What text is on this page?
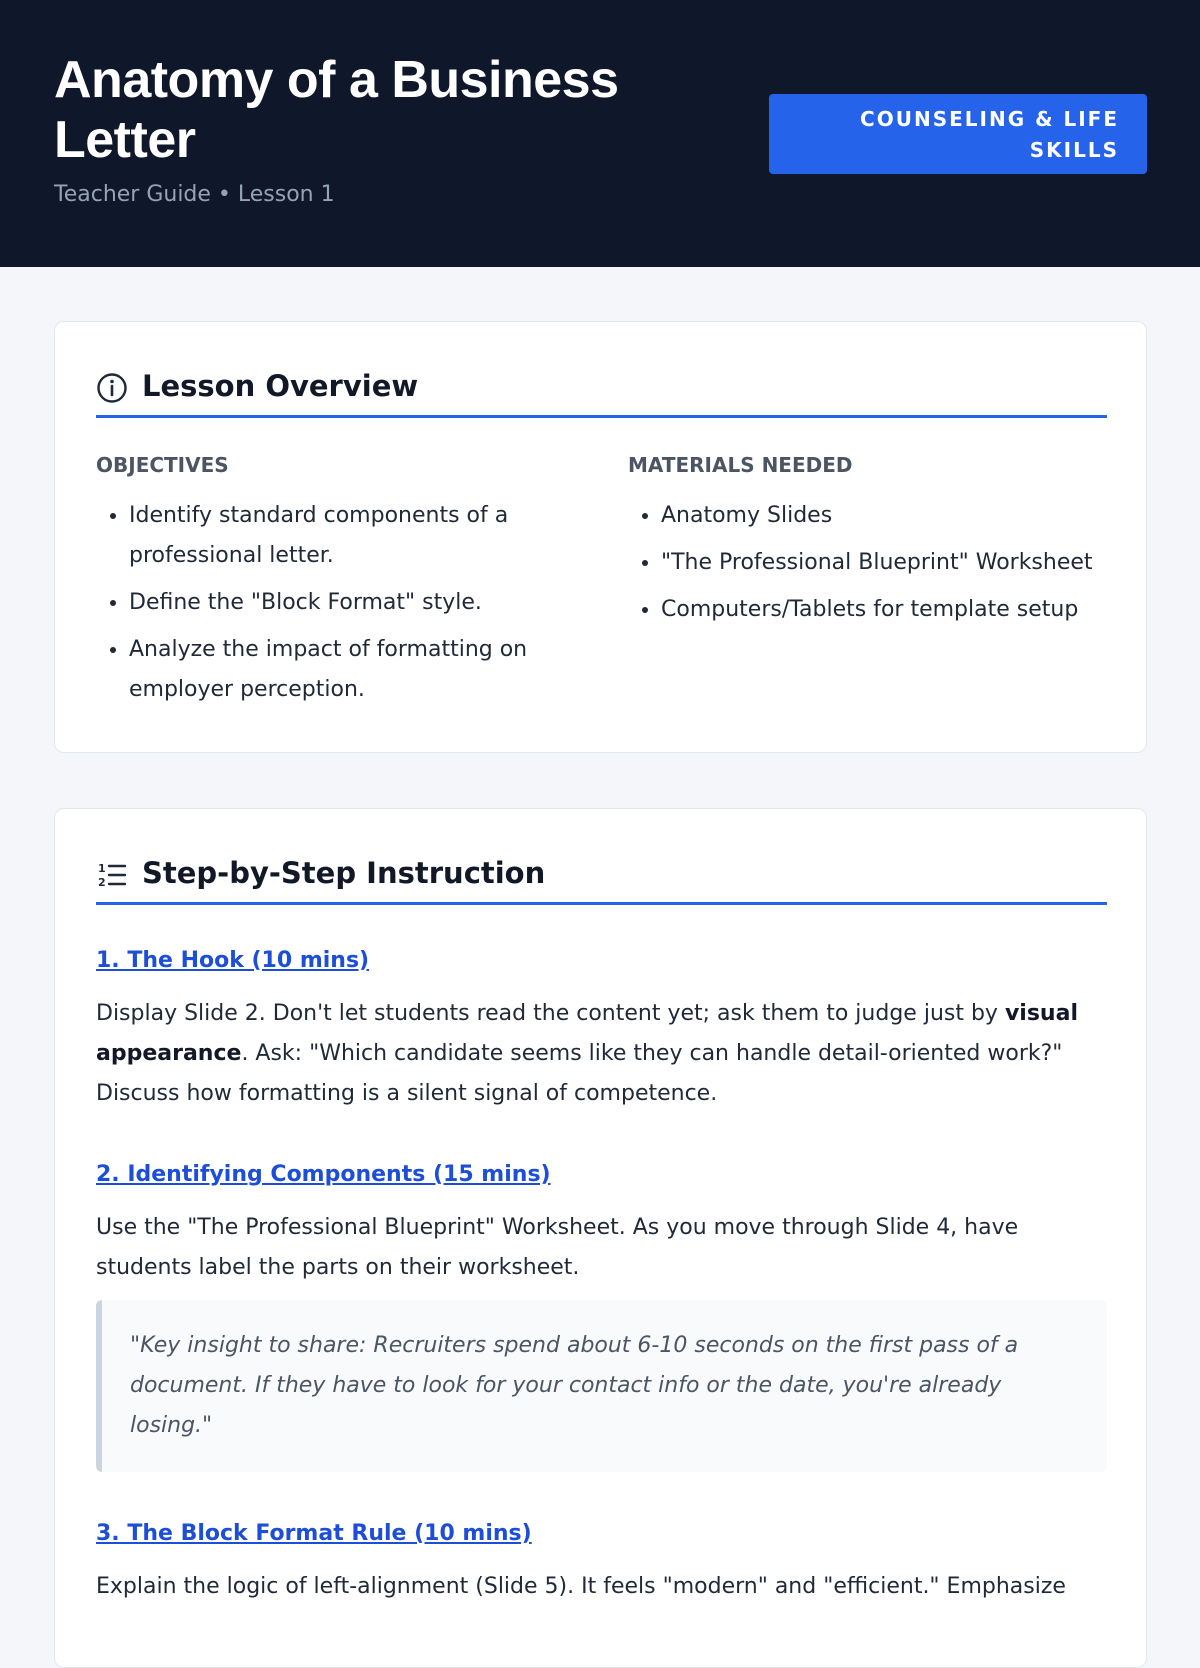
Anatomy of a Business Letter
Teacher Guide • Lesson 1
COUNSELING & LIFE SKILLS
Lesson Overview
OBJECTIVES
• Identify standard components of a professional letter.
• Define the "Block Format" style.
• Analyze the impact of formatting on employer perception.
MATERIALS NEEDED
• Anatomy Slides
• "The Professional Blueprint" Worksheet
• Computers/Tablets for template setup
1
2 Step-by-Step Instruction
1. The Hook (10 mins)

Display Slide 2. Don't let students read the content yet; ask them to judge just by visual appearance. Ask: "Which candidate seems like they can handle detail-oriented work?" Discuss how formatting is a silent signal of competence.

2. Identifying Components (15 mins)

Use the "The Professional Blueprint" Worksheet. As you move through Slide 4, have students label the parts on their worksheet.

"Key insight to share: Recruiters spend about 6-10 seconds on the first pass of a document. If they have to look for your contact info or the date, you're already losing."
3. The Block Format Rule (10 mins)

Explain the logic of left-alignment (Slide 5). It feels "modern" and "efficient." Emphasize
